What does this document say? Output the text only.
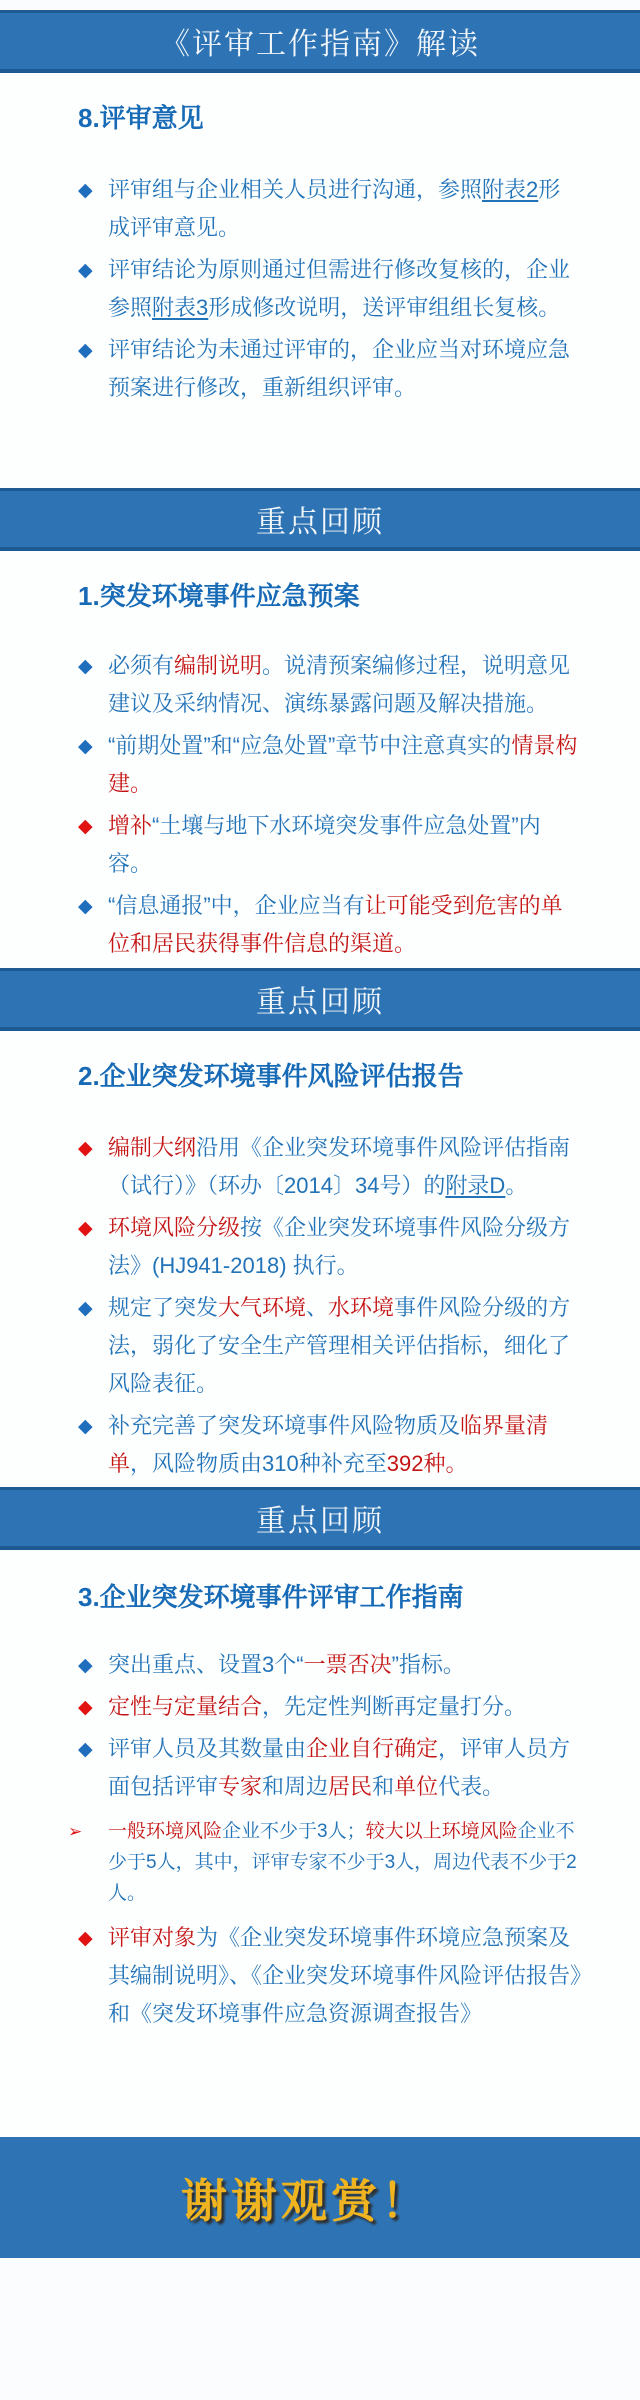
《评审工作指南》解读
8.评审意见
◆ 评审组与企业相关人员进行沟通，参照附表2形成评审意见。
◆ 评审结论为原则通过但需进行修改复核的，企业参照附表3形成修改说明，送评审组组长复核。
◆ 评审结论为未通过评审的，企业应当对环境应急预案进行修改，重新组织评审。
重点回顾
1.突发环境事件应急预案
◆ 必须有编制说明。说清预案编修过程，说明意见建议及采纳情况、演练暴露问题及解决措施。
◆ “前期处置”和“应急处置”章节中注意真实的情景构建。
◆ 增补“土壤与地下水环境突发事件应急处置”内容。
◆ “信息通报”中，企业应当有让可能受到危害的单位和居民获得事件信息的渠道。
重点回顾
2.企业突发环境事件风险评估报告
◆ 编制大纲沿用《企业突发环境事件风险评估指南（试行）》（环办〔2014〕34号）的附录D。
◆ 环境风险分级按《企业突发环境事件风险分级方法》(HJ941-2018) 执行。
◆ 规定了突发大气环境、水环境事件风险分级的方法，弱化了安全生产管理相关评估指标，细化了风险表征。
◆ 补充完善了突发环境事件风险物质及临界量清单，风险物质由310种补充至392种。
重点回顾
3.企业突发环境事件评审工作指南
◆ 突出重点、设置3个“一票否决”指标。
◆ 定性与定量结合，先定性判断再定量打分。
◆ 评审人员及其数量由企业自行确定，评审人员方面包括评审专家和周边居民和单位代表。
➢ 一般环境风险企业不少于3人；较大以上环境风险企业不少于5人，其中，评审专家不少于3人，周边代表不少于2人。
◆ 评审对象为《企业突发环境事件环境应急预案及其编制说明》、《企业突发环境事件风险评估报告》和《突发环境事件应急资源调查报告》
谢谢观赏！
